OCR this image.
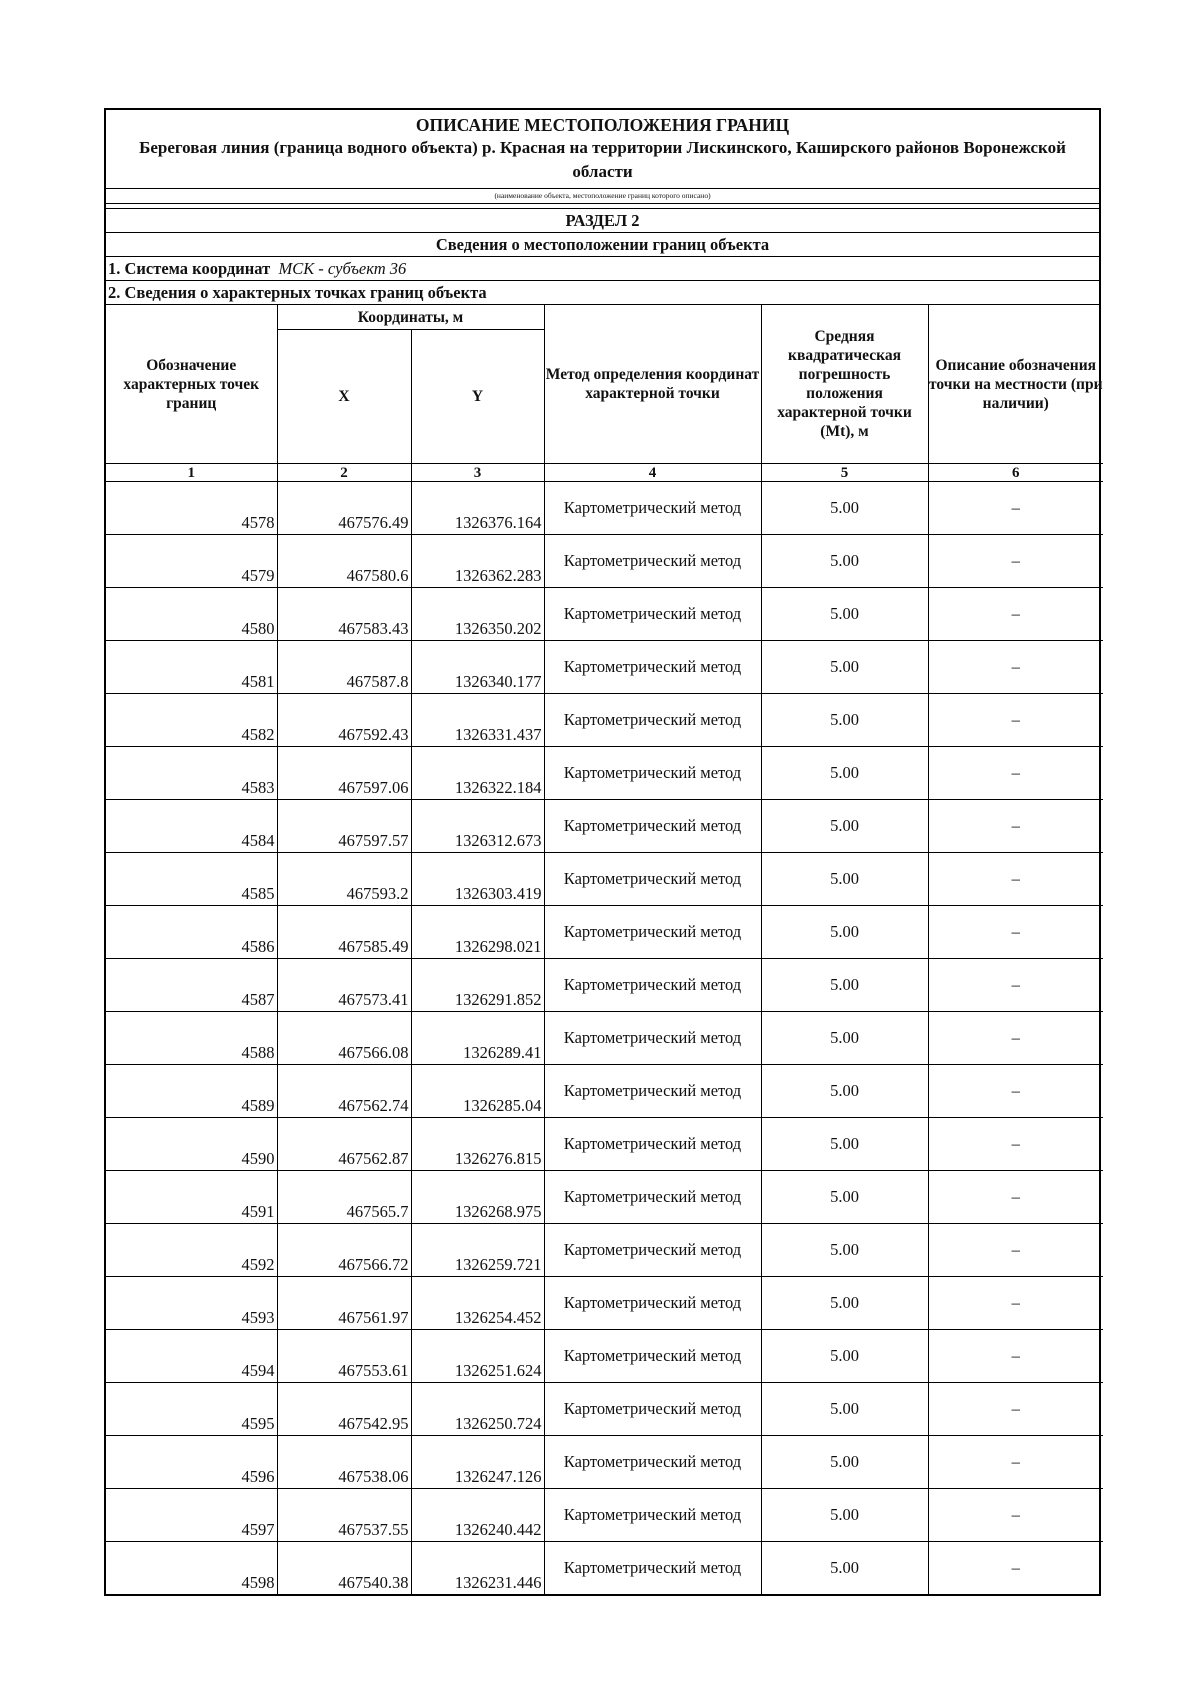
ОПИСАНИЕ МЕСТОПОЛОЖЕНИЯ ГРАНИЦ
Береговая линия (граница водного объекта) р. Красная на территории Лискинского, Каширского районов Воронежской области
(наименование объекта, местоположение границ которого описано)
РАЗДЕЛ 2
Сведения о местоположении границ объекта
1. Система координат МСК - субъект 36
2. Сведения о характерных точках границ объекта
Обозначение характерных точек границ	Координаты, м		Метод определения координат характерной точки	Средняя квадратическая погрешность положения характерной точки (Mt), м	Описание обозначения точки на местности (при наличии)
	X	Y			
1	2	3	4	5	6
4578	467576.49	1326376.164	Картометрический метод	5.00	–
4579	467580.6	1326362.283	Картометрический метод	5.00	–
4580	467583.43	1326350.202	Картометрический метод	5.00	–
4581	467587.8	1326340.177	Картометрический метод	5.00	–
4582	467592.43	1326331.437	Картометрический метод	5.00	–
4583	467597.06	1326322.184	Картометрический метод	5.00	–
4584	467597.57	1326312.673	Картометрический метод	5.00	–
4585	467593.2	1326303.419	Картометрический метод	5.00	–
4586	467585.49	1326298.021	Картометрический метод	5.00	–
4587	467573.41	1326291.852	Картометрический метод	5.00	–
4588	467566.08	1326289.41	Картометрический метод	5.00	–
4589	467562.74	1326285.04	Картометрический метод	5.00	–
4590	467562.87	1326276.815	Картометрический метод	5.00	–
4591	467565.7	1326268.975	Картометрический метод	5.00	–
4592	467566.72	1326259.721	Картометрический метод	5.00	–
4593	467561.97	1326254.452	Картометрический метод	5.00	–
4594	467553.61	1326251.624	Картометрический метод	5.00	–
4595	467542.95	1326250.724	Картометрический метод	5.00	–
4596	467538.06	1326247.126	Картометрический метод	5.00	–
4597	467537.55	1326240.442	Картометрический метод	5.00	–
4598	467540.38	1326231.446	Картометрический метод	5.00	–
